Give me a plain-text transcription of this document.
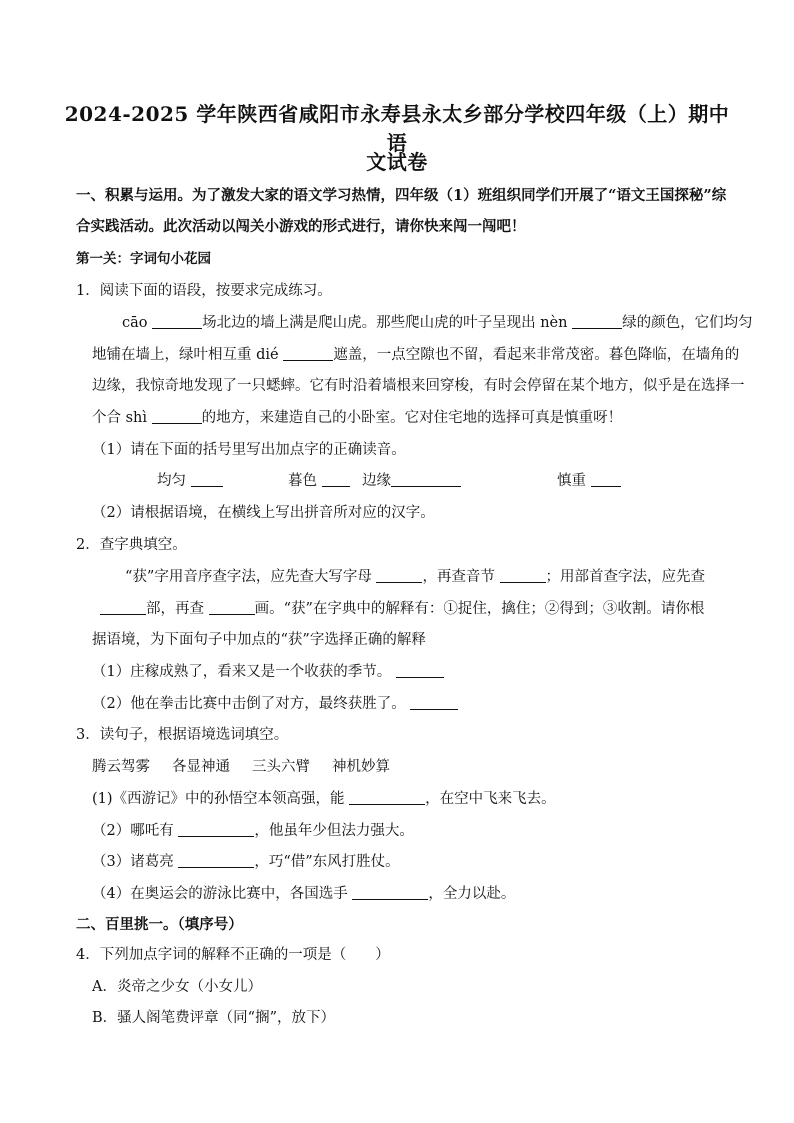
2024-2025 学年陕西省咸阳市永寿县永太乡部分学校四年级（上）期中语
文试卷
一、积累与运用。为了激发大家的语文学习热情，四年级（1）班组织同学们开展了“语文王国探秘”综
合实践活动。此次活动以闯关小游戏的形式进行，请你快来闯一闯吧！
第一关：字词句小花园
1．阅读下面的语段，按要求完成练习。
cāo	场北边的墙上满是爬山虎。那些爬山虎的叶子呈现出 nèn	绿的颜色，它们均匀
地铺在墙上，绿叶相互重 dié	遮盖，一点空隙也不留，看起来非常茂密。暮色降临，在墙角的
边缘，我惊奇地发现了一只蟋蟀。它有时沿着墙根来回穿梭，有时会停留在某个地方，似乎是在选择一
个合 shì	的地方，来建造自己的小卧室。它对住宅地的选择可真是慎重呀！
（1）请在下面的括号里写出加点字的正确读音。
均匀	暮色	边缘	慎重
（2）请根据语境，在横线上写出拼音所对应的汉字。
2．查字典填空。
“获”字用音序查字法，应先查大写字母	，再查音节	；用部首查字法，应先查
部，再查	画。“获”在字典中的解释有：①捉住，擒住；②得到；③收割。请你根
据语境，为下面句子中加点的“获”字选择正确的解释
（1）庄稼成熟了，看来又是一个收获的季节。
（2）他在拳击比赛中击倒了对方，最终获胜了。
3．读句子，根据语境选词填空。
腾云驾雾 各显神通 三头六臂 神机妙算
(1)《西游记》中的孙悟空本领高强，能	，在空中飞来飞去。
（2）哪吒有	，他虽年少但法力强大。
（3）诸葛亮	，巧“借”东风打胜仗。
（4）在奥运会的游泳比赛中，各国选手	，全力以赴。
二、百里挑一。（填序号）
4．下列加点字词的解释不正确的一项是（　　）
A．炎帝之少女（小女儿）
B．骚人阁笔费评章（同“搁”，放下）
